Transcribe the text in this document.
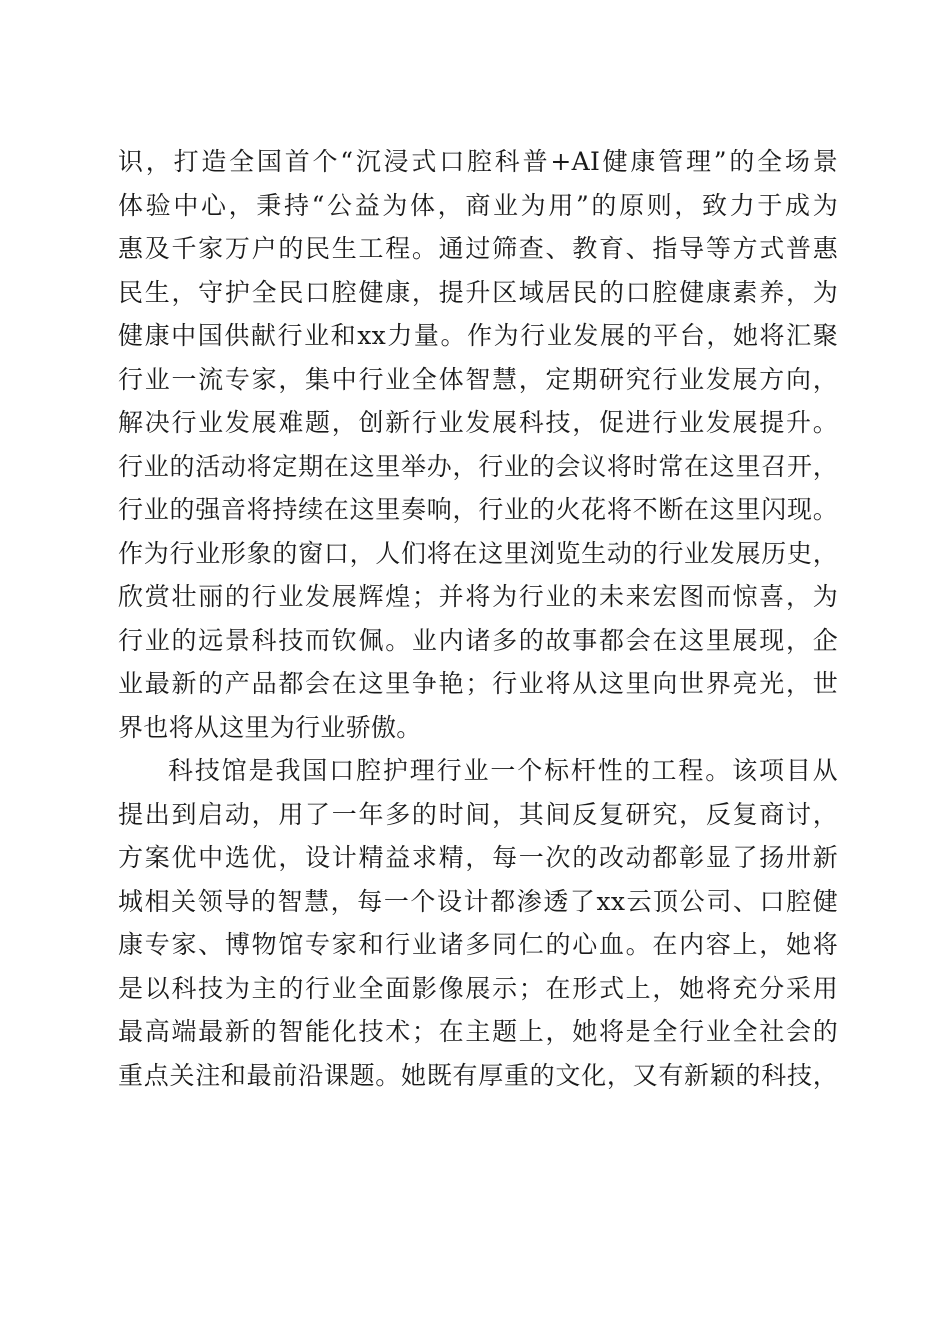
识，打造全国首个“沉浸式口腔科普+AI健康管理”的全场景
体验中心，秉持“公益为体，商业为用”的原则，致力于成为
惠及千家万户的民生工程。通过筛查、教育、指导等方式普惠
民生，守护全民口腔健康，提升区域居民的口腔健康素养，为
健康中国供献行业和xx力量。作为行业发展的平台，她将汇聚
行业一流专家，集中行业全体智慧，定期研究行业发展方向，
解决行业发展难题，创新行业发展科技，促进行业发展提升。
行业的活动将定期在这里举办，行业的会议将时常在这里召开，
行业的强音将持续在这里奏响，行业的火花将不断在这里闪现。
作为行业形象的窗口，人们将在这里浏览生动的行业发展历史，
欣赏壮丽的行业发展辉煌；并将为行业的未来宏图而惊喜，为
行业的远景科技而钦佩。业内诸多的故事都会在这里展现，企
业最新的产品都会在这里争艳；行业将从这里向世界亮光，世
界也将从这里为行业骄傲。
科技馆是我国口腔护理行业一个标杆性的工程。该项目从
提出到启动，用了一年多的时间，其间反复研究，反复商讨，
方案优中选优，设计精益求精，每一次的改动都彰显了扬卅新
城相关领导的智慧，每一个设计都渗透了xx云顶公司、口腔健
康专家、博物馆专家和行业诸多同仁的心血。在内容上，她将
是以科技为主的行业全面影像展示；在形式上，她将充分采用
最高端最新的智能化技术；在主题上，她将是全行业全社会的
重点关注和最前沿课题。她既有厚重的文化，又有新颖的科技，
